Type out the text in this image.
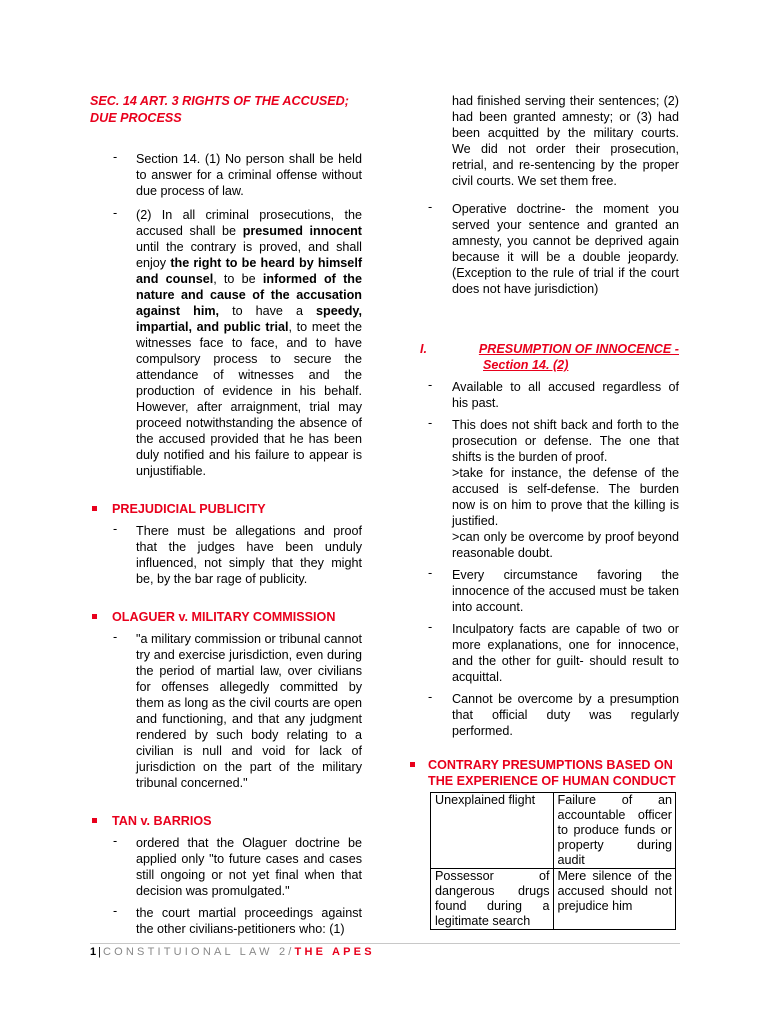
SEC. 14 ART. 3 RIGHTS OF THE ACCUSED; DUE PROCESS
- Section 14. (1) No person shall be held to answer for a criminal offense without due process of law.
- (2) In all criminal prosecutions, the accused shall be presumed innocent until the contrary is proved, and shall enjoy the right to be heard by himself and counsel, to be informed of the nature and cause of the accusation against him, to have a speedy, impartial, and public trial, to meet the witnesses face to face, and to have compulsory process to secure the attendance of witnesses and the production of evidence in his behalf. However, after arraignment, trial may proceed notwithstanding the absence of the accused provided that he has been duly notified and his failure to appear is unjustifiable.
PREJUDICIAL PUBLICITY
- There must be allegations and proof that the judges have been unduly influenced, not simply that they might be, by the bar rage of publicity.
OLAGUER v. MILITARY COMMISSION
- "a military commission or tribunal cannot try and exercise jurisdiction, even during the period of martial law, over civilians for offenses allegedly committed by them as long as the civil courts are open and functioning, and that any judgment rendered by such body relating to a civilian is null and void for lack of jurisdiction on the part of the military tribunal concerned."
TAN v. BARRIOS
- ordered that the Olaguer doctrine be applied only "to future cases and cases still ongoing or not yet final when that decision was promulgated."
- the court martial proceedings against the other civilians-petitioners who: (1)
had finished serving their sentences; (2) had been granted amnesty; or (3) had been acquitted by the military courts. We did not order their prosecution, retrial, and re-sentencing by the proper civil courts. We set them free.
- Operative doctrine- the moment you served your sentence and granted an amnesty, you cannot be deprived again because it will be a double jeopardy. (Exception to the rule of trial if the court does not have jurisdiction)
I.	PRESUMPTION OF INNOCENCE -
Section 14. (2)
- Available to all accused regardless of his past.
- This does not shift back and forth to the prosecution or defense. The one that shifts is the burden of proof.
>take for instance, the defense of the accused is self-defense. The burden now is on him to prove that the killing is justified.
>can only be overcome by proof beyond reasonable doubt.
- Every circumstance favoring the innocence of the accused must be taken into account.
- Inculpatory facts are capable of two or more explanations, one for innocence, and the other for guilt- should result to acquittal.
- Cannot be overcome by a presumption that official duty was regularly performed.
CONTRARY PRESUMPTIONS BASED ON THE EXPERIENCE OF HUMAN CONDUCT
Unexplained flight	Failure of an accountable officer to produce funds or property during audit
Possessor of dangerous drugs found during a legitimate search	Mere silence of the accused should not prejudice him
1 | CONSTITUIONAL LAW 2/THE APES
